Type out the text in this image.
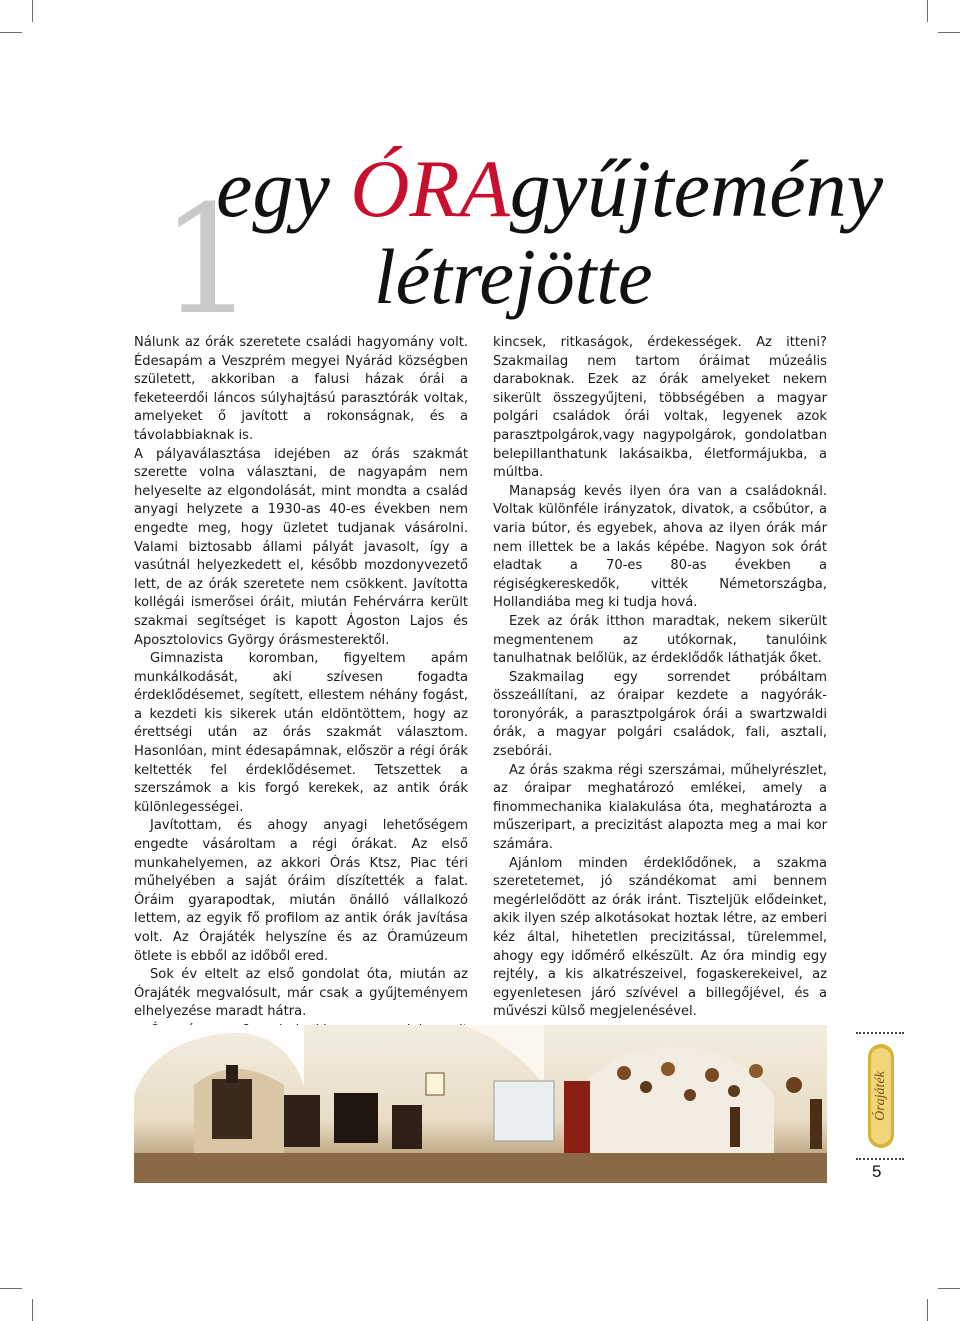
1
egy ÓRAgyűjtemény
létrejötte

Nálunk az órák szeretete családi hagyomány volt. Édesapám a Veszprém megyei Nyárád községben született, akkoriban a falusi házak órái a feketeerdői láncos súlyhajtású parasztórák voltak, amelyeket ő javított a rokonságnak, és a távolabbiaknak is.

A pályaválasztása idejében az órás szakmát szerette volna választani, de nagyapám nem helyeselte az elgondolását, mint mondta a család anyagi helyzete a 1930-as 40-es években nem engedte meg, hogy üzletet tudjanak vásárolni. Valami biztosabb állami pályát javasolt, így a vasútnál helyezkedett el, később mozdonyvezető lett, de az órák szeretete nem csökkent. Javította kollégái ismerősei óráit, miután Fehérvárra került szakmai segítséget is kapott Ágoston Lajos és Aposztolovics György órásmesterektől.

Gimnazista koromban, figyeltem apám munkálkodását, aki szívesen fogadta érdeklődésemet, segített, ellestem néhány fogást, a kezdeti kis sikerek után eldöntöttem, hogy az érettségi után az órás szakmát választom. Hasonlóan, mint édesapámnak, először a régi órák keltették fel érdeklődésemet. Tetszettek a szerszámok a kis forgó kerekek, az antik órák különlegességei.

Javítottam, és ahogy anyagi lehetőségem engedte vásároltam a régi órákat. Az első munkahelyemen, az akkori Órás Ktsz, Piac téri műhelyében a saját óráim díszítették a falat. Óráim gyarapodtak, miután önálló vállalkozó lettem, az egyik fő profilom az antik órák javítása volt. Az Órajáték helyszíne és az Óramúzeum ötlete is ebből az időből ered.

Sok év eltelt az első gondolat óta, miután az Órajáték megvalósult, már csak a gyűjteményem elhelyezése maradt hátra.

kincsek, ritkaságok, érdekességek. Az itteni? Szakmailag nem tartom óráimat múzeális daraboknak. Ezek az órák amelyeket nekem sikerült összegyűjteni, többségében a magyar polgári családok órái voltak, legyenek azok parasztpolgárok,vagy nagypolgárok, gondolatban belepillanthatunk lakásaikba, életformájukba, a múltba.

Manapság kevés ilyen óra van a családoknál. Voltak különféle irányzatok, divatok, a csőbútor, a varia bútor, és egyebek, ahova az ilyen órák már nem illettek be a lakás képébe. Nagyon sok órát eladtak a 70-es 80-as években a régiségkereskedők, vitték Németországba, Hollandiába meg ki tudja hová.

Ezek az órák itthon maradtak, nekem sikerült megmentenem az utókornak, tanulóink tanulhatnak belőlük, az érdeklődők láthatják őket.

Szakmailag egy sorrendet próbáltam összeállítani, az óraipar kezdete a nagyórák-toronyórák, a parasztpolgárok órái a swartzwaldi órák, a magyar polgári családok, fali, asztali, zsebórái.

Az órás szakma régi szerszámai, műhelyrészlet, az óraipar meghatározó emlékei, amely a finommechanika kialakulása óta, meghatározta a műszeripart, a precizitást alapozta meg a mai kor számára.

Ajánlom minden érdeklődőnek, a szakma szeretetemet, jó szándékomat ami bennem megérlelődött az órák iránt. Tiszteljük elődeinket, akik ilyen szép alkotásokat hoztak létre, az emberi kéz által, hihetetlen precizitással, türelemmel, ahogy egy időmérő elkészült. Az óra mindig egy rejtély, a kis alkatrészeivel, fogaskerekeivel, az egyenletesen járó szívével a billegőjével, és a művészi külső megjelenésével.

Órajáték
5
